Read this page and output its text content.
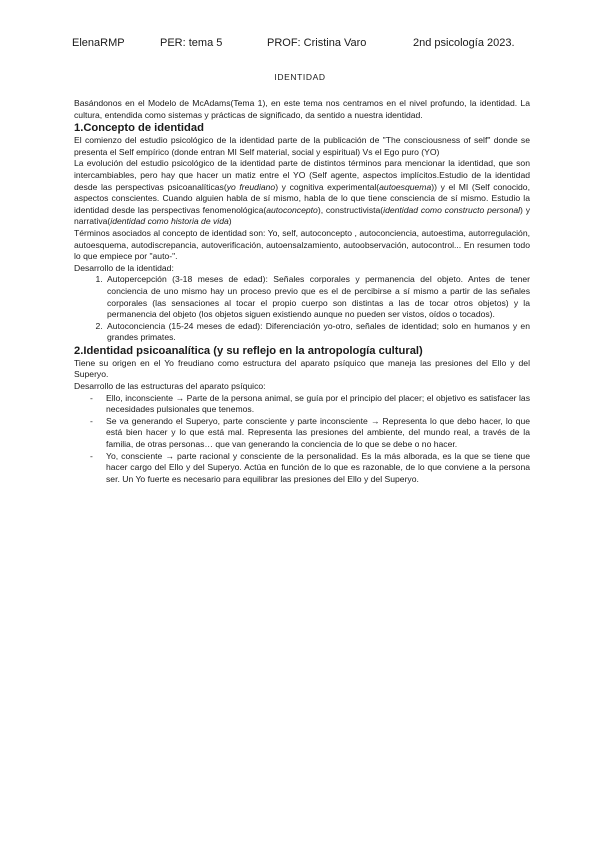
ElenaRMP	PER: tema 5	PROF: Cristina Varo	2nd psicología 2023.
IDENTIDAD

Basándonos en el Modelo de McAdams(Tema 1), en este tema nos centramos en el nivel profundo, la identidad. La cultura, entendida como sistemas y prácticas de significado, da sentido a nuestra identidad.

1.Concepto de identidad

El comienzo del estudio psicológico de la identidad parte de la publicación de "The consciousness of self" donde se presenta el Self empírico (donde entran MI Self material, social y espiritual) Vs el Ego puro (YO)

La evolución del estudio psicológico de la identidad parte de distintos términos para mencionar la identidad, que son intercambiables, pero hay que hacer un matiz entre el YO (Self agente, aspectos implícitos.Estudio de la identidad desde las perspectivas psicoanalíticas(yo freudiano) y cognitiva experimental(autoesquema)) y el MI (Self conocido, aspectos conscientes. Cuando alguien habla de sí mismo, habla de lo que tiene consciencia de sí mismo. Estudio la identidad desde las perspectivas fenomenológica(autoconcepto), constructivista(identidad como constructo personal) y narrativa(identidad como historia de vida)

Términos asociados al concepto de identidad son: Yo, self, autoconcepto , autoconciencia, autoestima, autorregulación, autoesquema, autodiscrepancia, autoverificación, autoensalzamiento, autoobservación, autocontrol... En resumen todo lo que empiece por "auto-".

Desarrollo de la identidad:

1. Autopercepción (3-18 meses de edad): Señales corporales y permanencia del objeto. Antes de tener conciencia de uno mismo hay un proceso previo que es el de percibirse a sí mismo a partir de las señales corporales (las sensaciones al tocar el propio cuerpo son distintas a las de tocar otros objetos) y la permanencia del objeto (los objetos siguen existiendo aunque no pueden ser vistos, oídos o tocados).
2. Autoconciencia (15-24 meses de edad): Diferenciación yo-otro, señales de identidad; solo en humanos y en grandes primates.
2.Identidad psicoanalítica (y su reflejo en la antropología cultural)

Tiene su origen en el Yo freudiano como estructura del aparato psíquico que maneja las presiones del Ello y del Superyo.

Desarrollo de las estructuras del aparato psíquico:

- Ello, inconsciente → Parte de la persona animal, se guía por el principio del placer; el objetivo es satisfacer las necesidades pulsionales que tenemos.
- Se va generando el Superyo, parte consciente y parte inconsciente → Representa lo que debo hacer, lo que está bien hacer y lo que está mal. Representa las presiones del ambiente, del mundo real, a través de la familia, de otras personas… que van generando la conciencia de lo que se debe o no hacer.
- Yo, consciente → parte racional y consciente de la personalidad. Es la más alborada, es la que se tiene que hacer cargo del Ello y del Superyo. Actúa en función de lo que es razonable, de lo que conviene a la persona ser. Un Yo fuerte es necesario para equilibrar las presiones del Ello y del Superyo.
